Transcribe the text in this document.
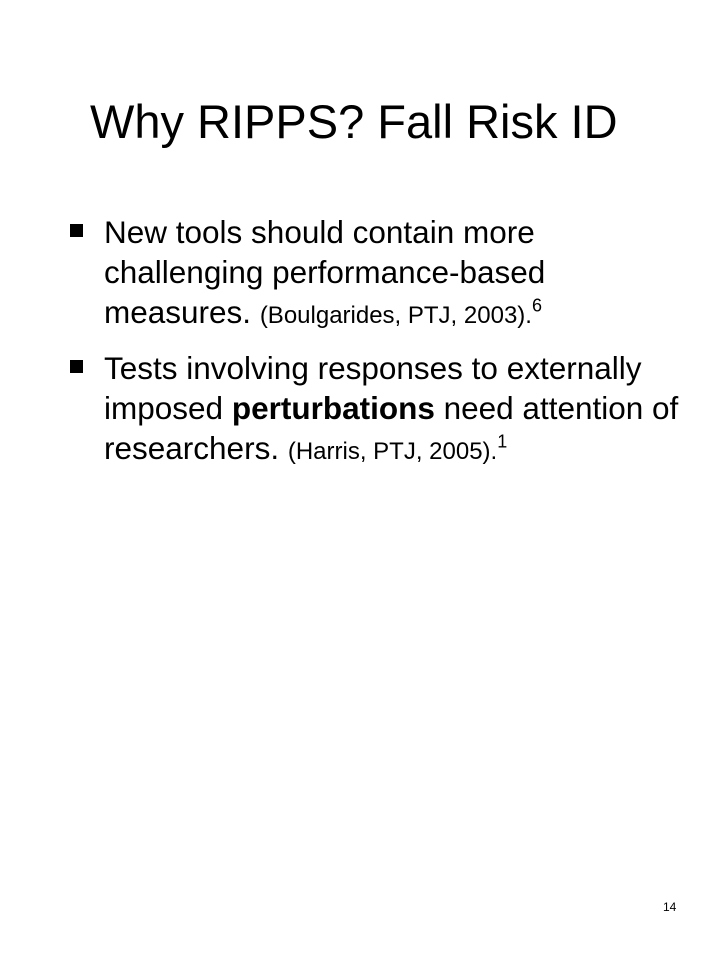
Why RIPPS? Fall Risk ID
New tools should contain more challenging performance-based measures. (Boulgarides, PTJ, 2003).$^6$
Tests involving responses to externally imposed perturbations need attention of researchers. (Harris, PTJ, 2005).$^1$
14
